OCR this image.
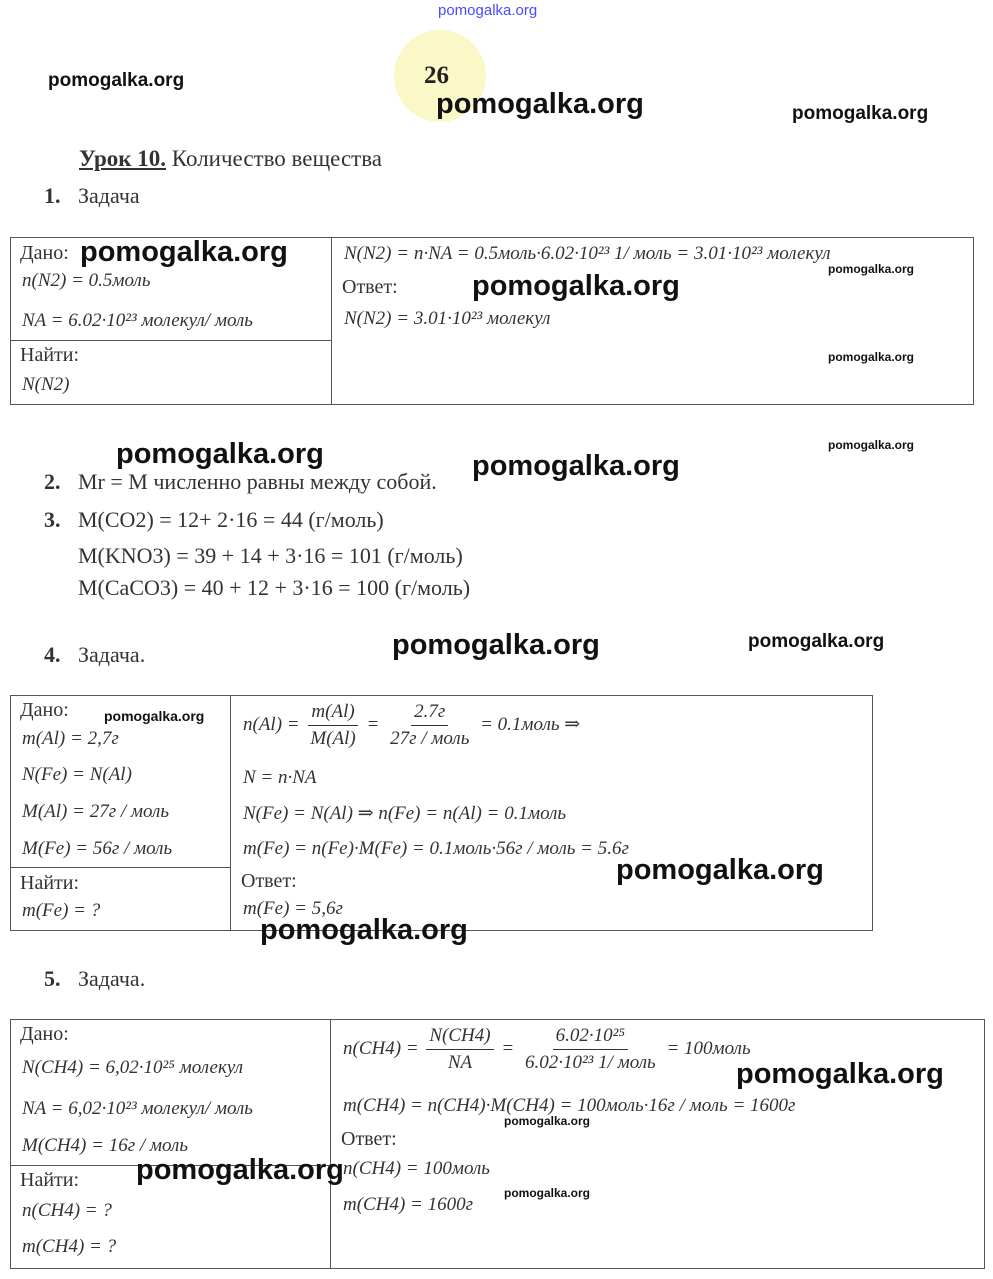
pomogalka.org
26
pomogalka.org
pomogalka.org	pomogalka.org
Урок 10. Количество вещества
1. Задача
Дано:
n(N2) = 0.5моль
NA = 6.02·10²³ молекул/ моль
Найти:
N(N2)
N(N2) = n·NA = 0.5моль·6.02·10²³ 1/ моль = 3.01·10²³ молекул
Ответ:
N(N2) = 3.01·10²³ молекул
pomogalka.org
pomogalka.org
pomogalka.org
pomogalka.org
pomogalka.org
pomogalka.org
2. Mr = M численно равны между собой. pomogalka.org
3. M(CO2) = 12+ 2·16 = 44 (г/моль)
M(KNO3) = 39 + 14 + 3·16 = 101 (г/моль)
M(CaCO3) = 40 + 12 + 3·16 = 100 (г/моль)
4. Задача.	pomogalka.org	pomogalka.org
Дано:
m(Al) = 2,7г
N(Fe) = N(Al)
M(Al) = 27г / моль
M(Fe) = 56г / моль
Найти:
m(Fe) = ?
$n(Al) = \frac{m(Al)}{M(Al)} = \frac{2.7г}{\text{27г / моль}}$ = 0.1моль ⇒
N = n·NA
N(Fe) = N(Al) ⇒ n(Fe) = n(Al) = 0.1моль
m(Fe) = n(Fe)·M(Fe) = 0.1моль·56г / моль = 5.6г
Ответ:
m(Fe) = 5,6г
pomogalka.org
pomogalka.org
pomogalka.org
5. Задача.
Дано:
N(CH4) = 6,02·10²⁵ молекул
NA = 6,02·10²³ молекул/ моль
M(CH4) = 16г / моль
Найти:
n(CH4) = ?
m(CH4) = ?
$n(CH4) = \frac{N(CH4)}{NA} = \frac{\text{6.02·10²⁵}}{\text{6.02·10²³ 1/ моль}}$ = 100моль
m(CH4) = n(CH4)·M(CH4) = 100моль·16г / моль = 1600г
Ответ:
n(CH4) = 100моль
m(CH4) = 1600г
pomogalka.org
pomogalka.org
pomogalka.org
pomogalka.org
